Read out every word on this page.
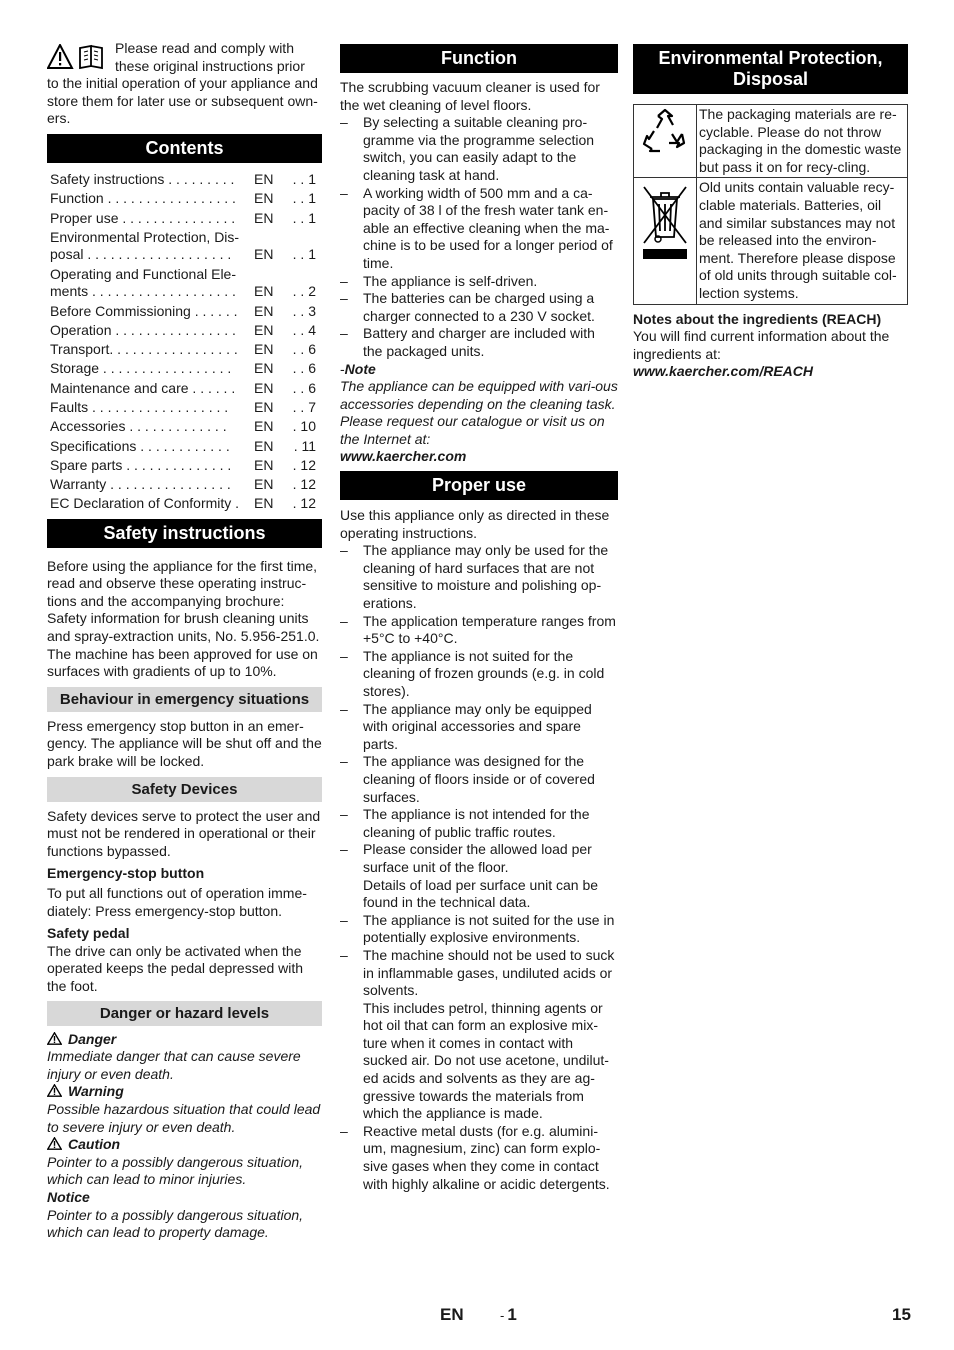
Please read and comply with these original instructions prior

to the initial operation of your appliance and store them for later use or subsequent own-ers.

Contents
Safety instructions . . . . . . . . .	EN	. . 1
Function . . . . . . . . . . . . . . . . .	EN	. . 1
Proper use . . . . . . . . . . . . . . .	EN	. . 1
Environmental Protection, Dis-posal . . . . . . . . . . . . . . . . . . .	EN	. . 1
Operating and Functional Ele-ments . . . . . . . . . . . . . . . . . . .	EN	. . 2
Before Commissioning . . . . . .	EN	. . 3
Operation . . . . . . . . . . . . . . . .	EN	. . 4
Transport. . . . . . . . . . . . . . . . .	EN	. . 6
Storage . . . . . . . . . . . . . . . . .	EN	. . 6
Maintenance and care . . . . . .	EN	. . 6
Faults . . . . . . . . . . . . . . . . . .	EN	. . 7
Accessories . . . . . . . . . . . . .	EN	. 10
Specifications . . . . . . . . . . . .	EN	. 11
Spare parts . . . . . . . . . . . . . .	EN	. 12
Warranty . . . . . . . . . . . . . . . .	EN	. 12
EC Declaration of Conformity .	EN	. 12
Safety instructions

Before using the appliance for the first time, read and observe these operating instruc-tions and the accompanying brochure: Safety information for brush cleaning units and spray-extraction units, No. 5.956-251.0.

The machine has been approved for use on surfaces with gradients of up to 10%.

Behaviour in emergency situations

Press emergency stop button in an emer-gency. The appliance will be shut off and the park brake will be locked.

Safety Devices

Safety devices serve to protect the user and must not be rendered in operational or their functions bypassed.

Emergency-stop button

To put all functions out of operation imme-diately: Press emergency-stop button.

Safety pedal

The drive can only be activated when the operated keeps the pedal depressed with the foot.

Danger or hazard levels

Danger

Immediate danger that can cause severe injury or even death.

Warning

Possible hazardous situation that could lead to severe injury or even death.

Caution

Pointer to a possibly dangerous situation, which can lead to minor injuries.

Notice

Pointer to a possibly dangerous situation, which can lead to property damage.

Function

The scrubbing vacuum cleaner is used for the wet cleaning of level floors.

– By selecting a suitable cleaning pro-gramme via the programme selection switch, you can easily adapt to the cleaning task at hand.
– A working width of 500 mm and a ca-pacity of 38 l of the fresh water tank en-able an effective cleaning when the ma-chine is to be used for a longer period of time.
– The appliance is self-driven.
– The batteries can be charged using a charger connected to a 230 V socket.
– Battery and charger are included with the packaged units.

-Note

The appliance can be equipped with vari-ous accessories depending on the cleaning task.

Please request our catalogue or visit us on the Internet at:

www.kaercher.com

Proper use

Use this appliance only as directed in these operating instructions.

– The appliance may only be used for the cleaning of hard surfaces that are not sensitive to moisture and polishing op-erations.
– The application temperature ranges from +5°C to +40°C.
– The appliance is not suited for the cleaning of frozen grounds (e.g. in cold stores).
– The appliance may only be equipped with original accessories and spare parts.
– The appliance was designed for the cleaning of floors inside or of covered surfaces.
– The appliance is not intended for the cleaning of public traffic routes.
– Please consider the allowed load per surface unit of the floor.
Details of load per surface unit can be found in the technical data.
– The appliance is not suited for the use in potentially explosive environments.
– The machine should not be used to suck in inflammable gases, undiluted acids or solvents.
This includes petrol, thinning agents or hot oil that can form an explosive mix-ture when it comes in contact with sucked air. Do not use acetone, undilut-ed acids and solvents as they are ag-gressive towards the materials from which the appliance is made.
– Reactive metal dusts (for e.g. alumini-um, magnesium, zinc) can form explo-sive gases when they come in contact with highly alkaline or acidic detergents.
Environmental Protection, Disposal
	The packaging materials are re-cyclable. Please do not throw packaging in the domestic waste but pass it on for recy-cling.
	Old units contain valuable recy-clable materials. Batteries, oil and similar substances may not be released into the environ-ment. Therefore please dispose of old units through suitable col-lection systems.

Notes about the ingredients (REACH)

You will find current information about the ingredients at:

www.kaercher.com/REACH

EN	- 1	15
